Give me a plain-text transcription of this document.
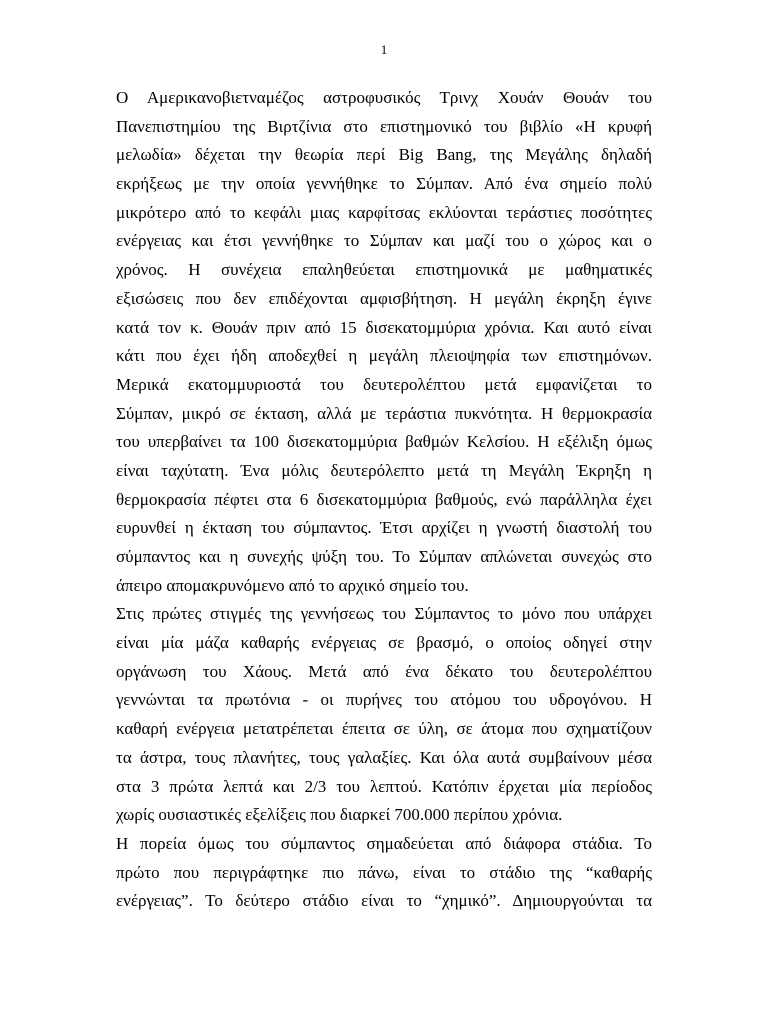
1
Ο Αμερικανοβιετναμέζος αστροφυσικός Τρινχ Χουάν Θουάν του
Πανεπιστημίου της Βιρτζίνια στο επιστημονικό του βιβλίο «Η κρυφή
μελωδία» δέχεται την θεωρία περί Big Bang, της Μεγάλης δηλαδή
εκρήξεως με την οποία γεννήθηκε το Σύμπαν. Από ένα σημείο πολύ
μικρότερο από το κεφάλι μιας καρφίτσας εκλύονται τεράστιες ποσότητες
ενέργειας και έτσι γεννήθηκε το Σύμπαν και μαζί του ο χώρος και ο
χρόνος. Η συνέχεια επαληθεύεται επιστημονικά με μαθηματικές
εξισώσεις που δεν επιδέχονται αμφισβήτηση. Η μεγάλη έκρηξη έγινε
κατά τον κ. Θουάν πριν από 15 δισεκατομμύρια χρόνια. Και αυτό είναι
κάτι που έχει ήδη αποδεχθεί η μεγάλη πλειοψηφία των επιστημόνων.
Μερικά εκατομμυριοστά του δευτερολέπτου μετά εμφανίζεται το
Σύμπαν, μικρό σε έκταση, αλλά με τεράστια πυκνότητα. Η θερμοκρασία
του υπερβαίνει τα 100 δισεκατομμύρια βαθμών Κελσίου. Η εξέλιξη όμως
είναι ταχύτατη. Ένα μόλις δευτερόλεπτο μετά τη Μεγάλη Έκρηξη η
θερμοκρασία πέφτει στα 6 δισεκατομμύρια βαθμούς, ενώ παράλληλα έχει
ευρυνθεί η έκταση του σύμπαντος. Έτσι αρχίζει η γνωστή διαστολή του
σύμπαντος και η συνεχής ψύξη του. Το Σύμπαν απλώνεται συνεχώς στο
άπειρο απομακρυνόμενο από το αρχικό σημείο του.
Στις πρώτες στιγμές της γεννήσεως του Σύμπαντος το μόνο που υπάρχει
είναι μία μάζα καθαρής ενέργειας σε βρασμό, ο οποίος οδηγεί στην
οργάνωση του Χάους. Μετά από ένα δέκατο του δευτερολέπτου
γεννώνται τα πρωτόνια - οι πυρήνες του ατόμου του υδρογόνου. Η
καθαρή ενέργεια μετατρέπεται έπειτα σε ύλη, σε άτομα που σχηματίζουν
τα άστρα, τους πλανήτες, τους γαλαξίες. Και όλα αυτά συμβαίνουν μέσα
στα 3 πρώτα λεπτά και 2/3 του λεπτού. Κατόπιν έρχεται μία περίοδος
χωρίς ουσιαστικές εξελίξεις που διαρκεί 700.000 περίπου χρόνια.
Η πορεία όμως του σύμπαντος σημαδεύεται από διάφορα στάδια. Το
πρώτο που περιγράφτηκε πιο πάνω, είναι το στάδιο της “καθαρής
ενέργειας”. Το δεύτερο στάδιο είναι το “χημικό”. Δημιουργούνται τα
